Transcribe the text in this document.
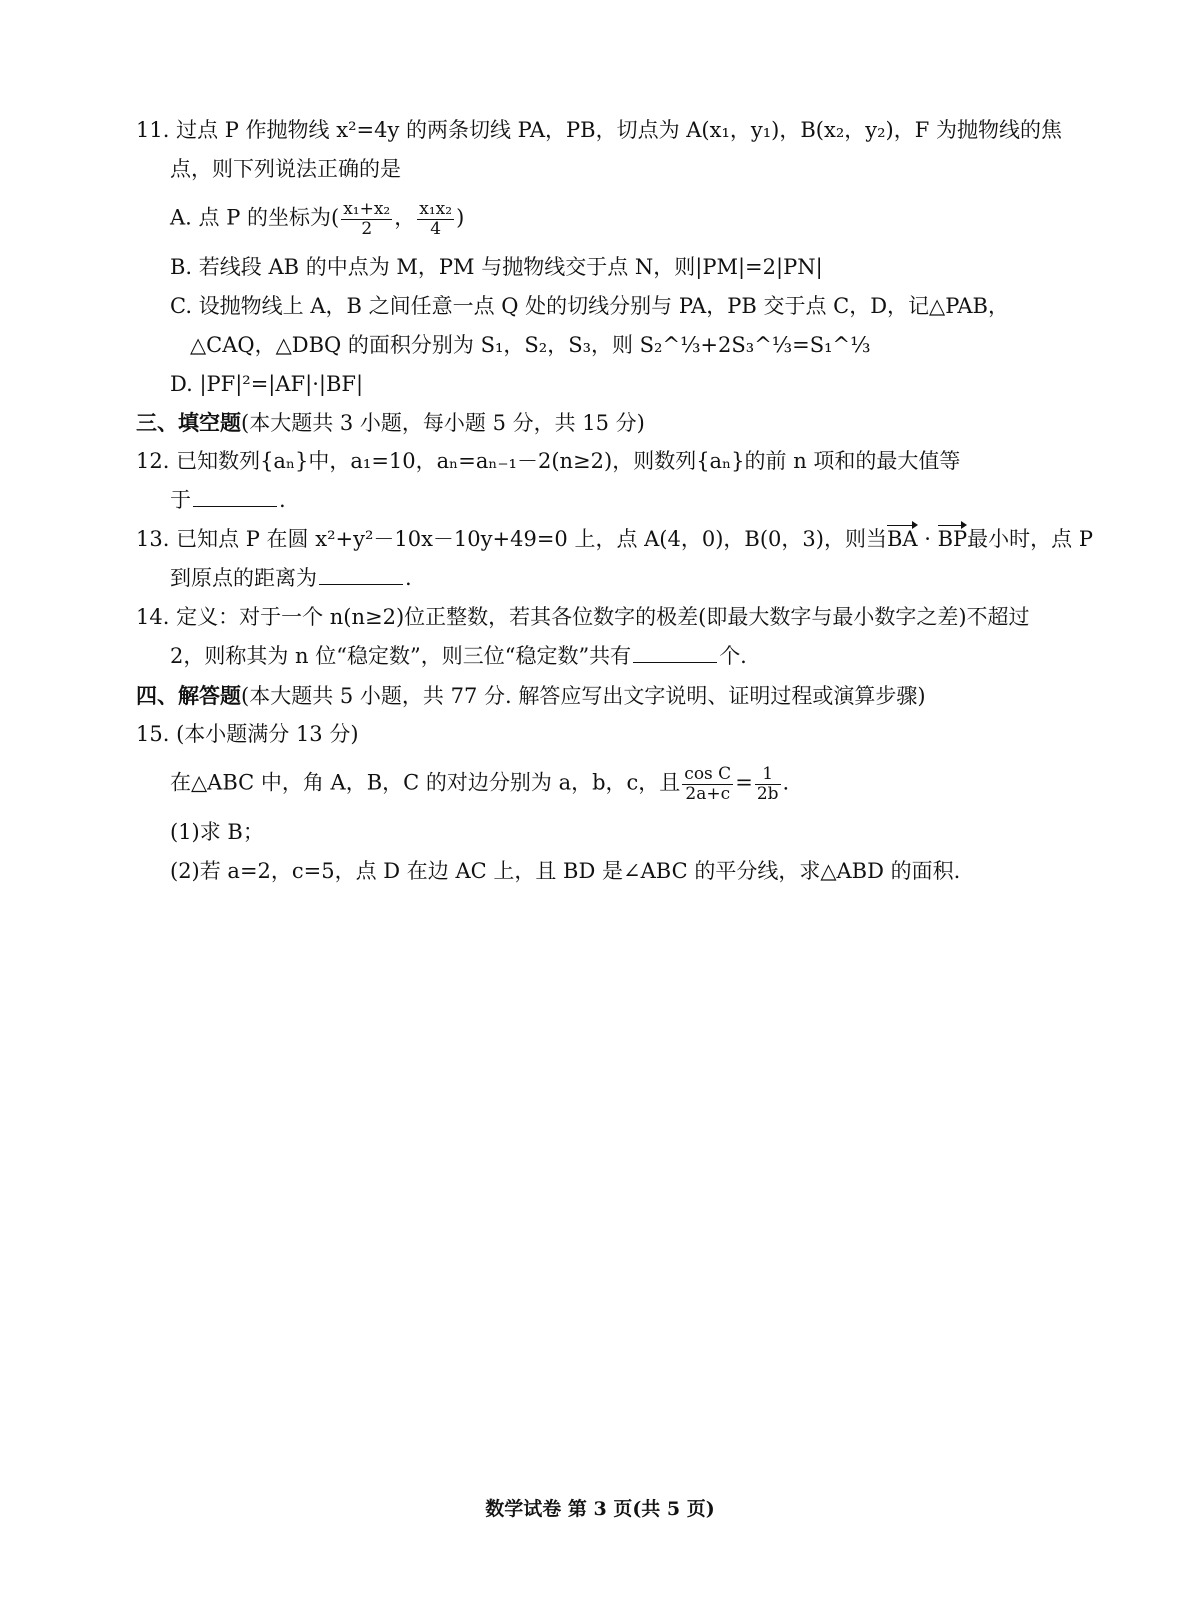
11. 过点 P 作抛物线 x²=4y 的两条切线 PA，PB，切点为 A(x₁，y₁)，B(x₂，y₂)，F 为抛物线的焦
点，则下列说法正确的是
A. 点 P 的坐标为( $\frac{\text{x₁+x₂}}{2}$ ， $\frac{\text{x₁x₂}}{4}$ )
B. 若线段 AB 的中点为 M，PM 与抛物线交于点 N，则|PM|=2|PN|
C. 设抛物线上 A，B 之间任意一点 Q 处的切线分别与 PA，PB 交于点 C，D，记△PAB，
△CAQ，△DBQ 的面积分别为 S₁，S₂，S₃，则 S₂^⅓+2S₃^⅓=S₁^⅓
D. |PF|²=|AF|·|BF|
三、填空题(本大题共 3 小题，每小题 5 分，共 15 分)
12. 已知数列{aₙ}中，a₁=10，aₙ=aₙ₋₁－2(n≥2)，则数列{aₙ}的前 n 项和的最大值等
于	.
13. 已知点 P 在圆 x²+y²－10x－10y+49=0 上，点 A(4，0)，B(0，3)，则当BA · BP最小时，点 P
到原点的距离为	.
14. 定义：对于一个 n(n≥2)位正整数，若其各位数字的极差(即最大数字与最小数字之差)不超过
2，则称其为 n 位“稳定数”，则三位“稳定数”共有	个.
四、解答题(本大题共 5 小题，共 77 分. 解答应写出文字说明、证明过程或演算步骤)
15. (本小题满分 13 分)
在△ABC 中，角 A，B，C 的对边分别为 a，b，c，且 $\frac{\text{cos C}}{2a+c} = \frac{1}{2b}$ .
(1)求 B；
(2)若 a=2，c=5，点 D 在边 AC 上，且 BD 是∠ABC 的平分线，求△ABD 的面积.
数学试卷 第 3 页(共 5 页)
